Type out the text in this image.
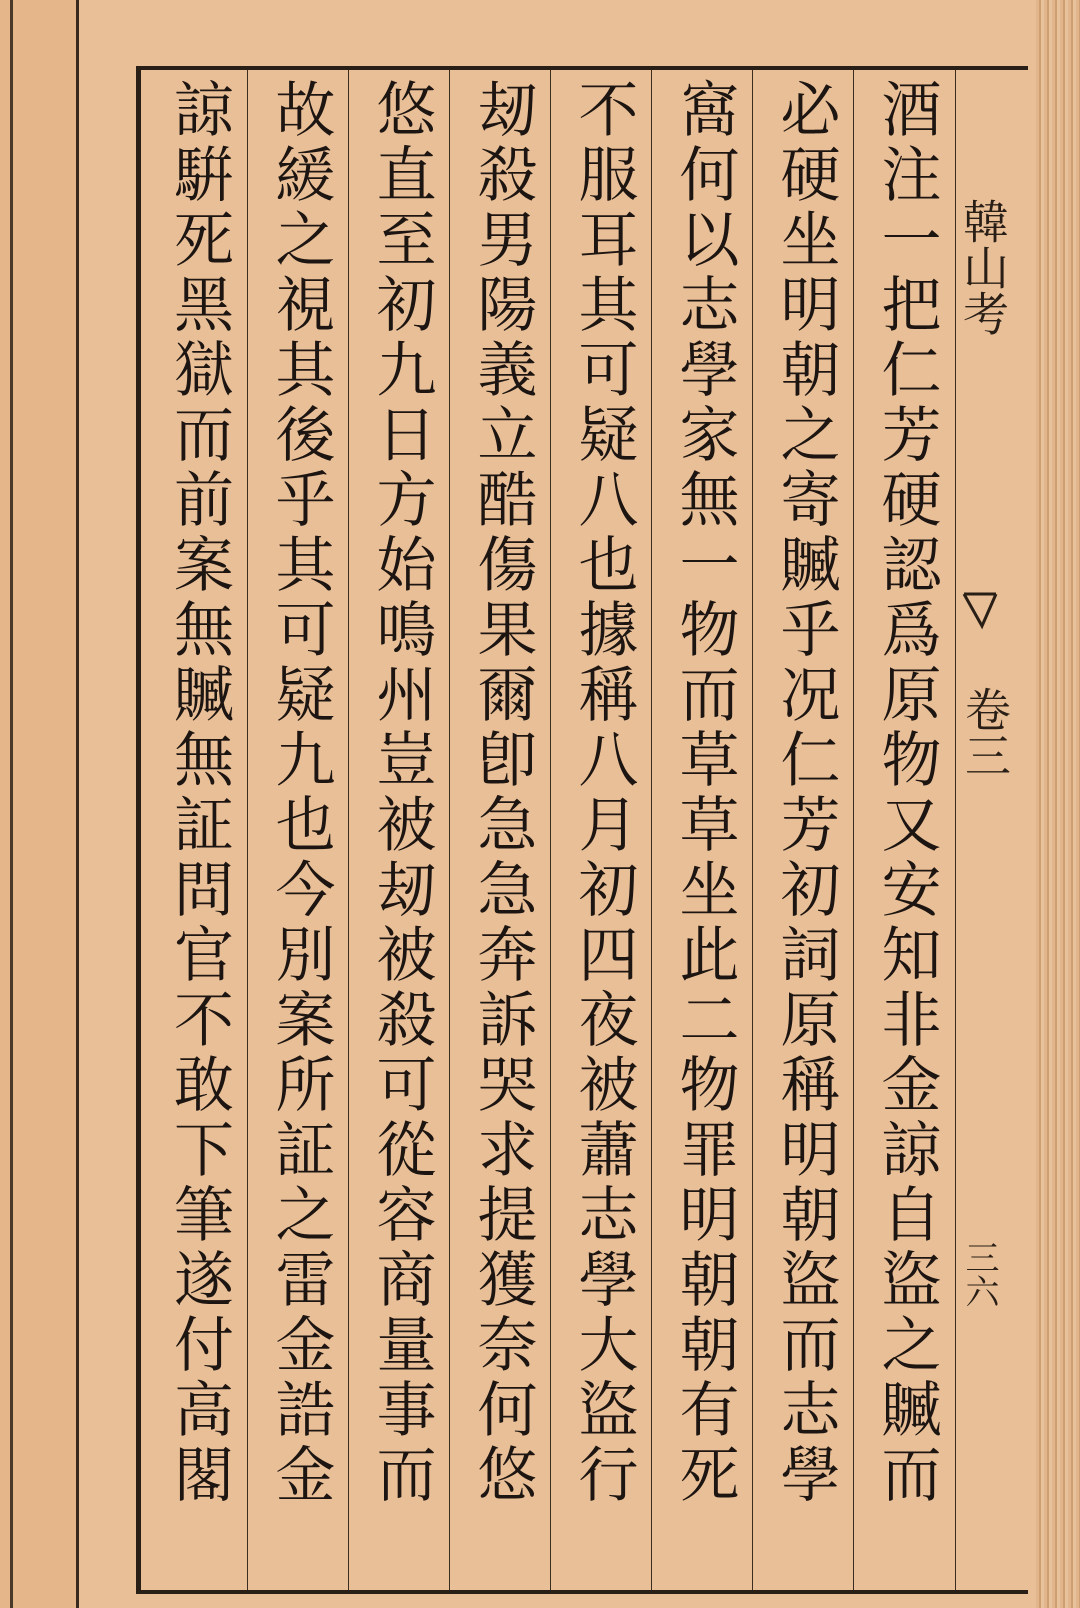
酒注一把仁芳硬認爲原物又安知非金諒自盜之贓而
必硬坐明朝之寄贓乎况仁芳初詞原稱明朝盜而志學
窩何以志學家無一物而草草坐此二物罪明朝朝有死
不服耳其可疑八也據稱八月初四夜被蕭志學大盜行
刼殺男陽義立酷傷果爾卽急急奔訴哭求提獲奈何悠
悠直至初九日方始鳴州豈被刼被殺可從容商量事而
故緩之視其後乎其可疑九也今別案所証之雷金誥金
諒騈死黑獄而前案無贓無証問官不敢下筆遂付高閣	韓山考
卷三
三六
